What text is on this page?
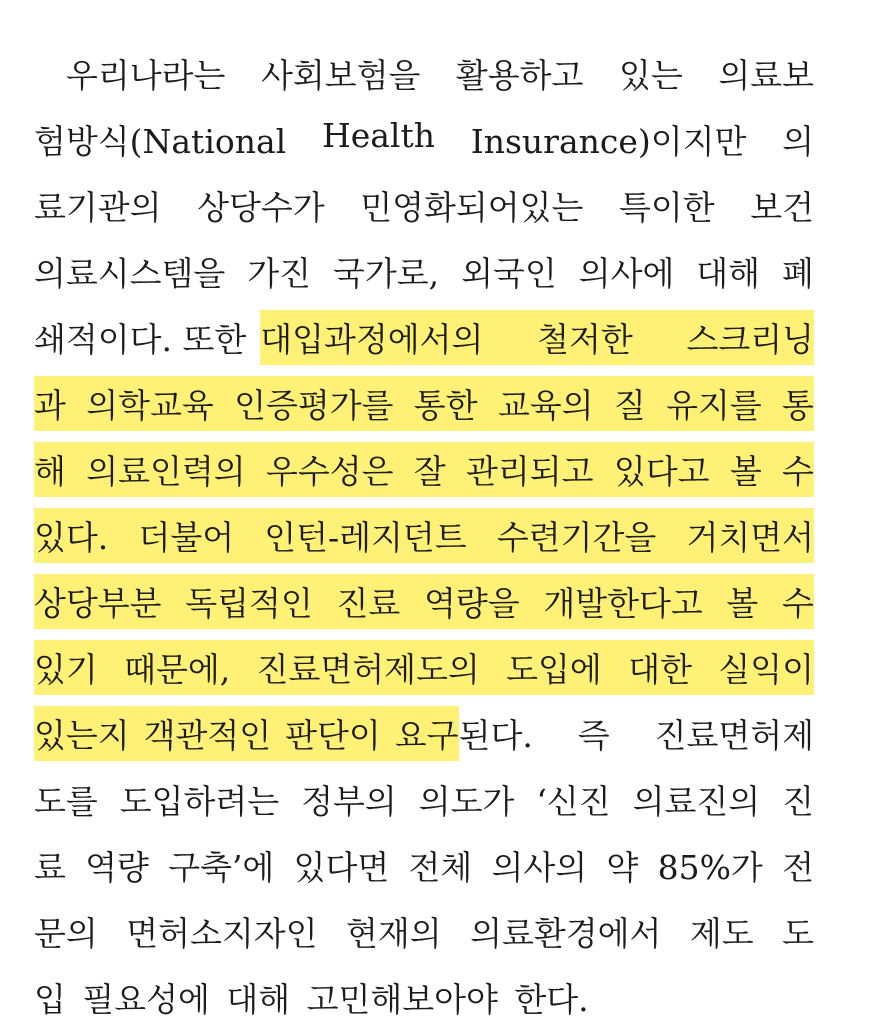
우리나라는 사회보험을 활용하고 있는 의료보
험방식(National Health Insurance)이지만 의
료기관의 상당수가 민영화되어있는 특이한 보건
의료시스템을 가진 국가로, 외국인 의사에 대해 폐
쇄적이다. 또한 대입과정에서의 철저한 스크리닝
과 의학교육 인증평가를 통한 교육의 질 유지를 통
해 의료인력의 우수성은 잘 관리되고 있다고 볼 수
있다. 더불어 인턴-레지던트 수련기간을 거치면서
상당부분 독립적인 진료 역량을 개발한다고 볼 수
있기 때문에, 진료면허제도의 도입에 대한 실익이
있는지 객관적인 판단이 요구 된다. 즉 진료면허제
도를 도입하려는 정부의 의도가 ‘신진 의료진의 진
료 역량 구축’에 있다면 전체 의사의 약 85%가 전
문의 면허소지자인 현재의 의료환경에서 제도 도
입 필요성에 대해 고민해보아야 한다.
